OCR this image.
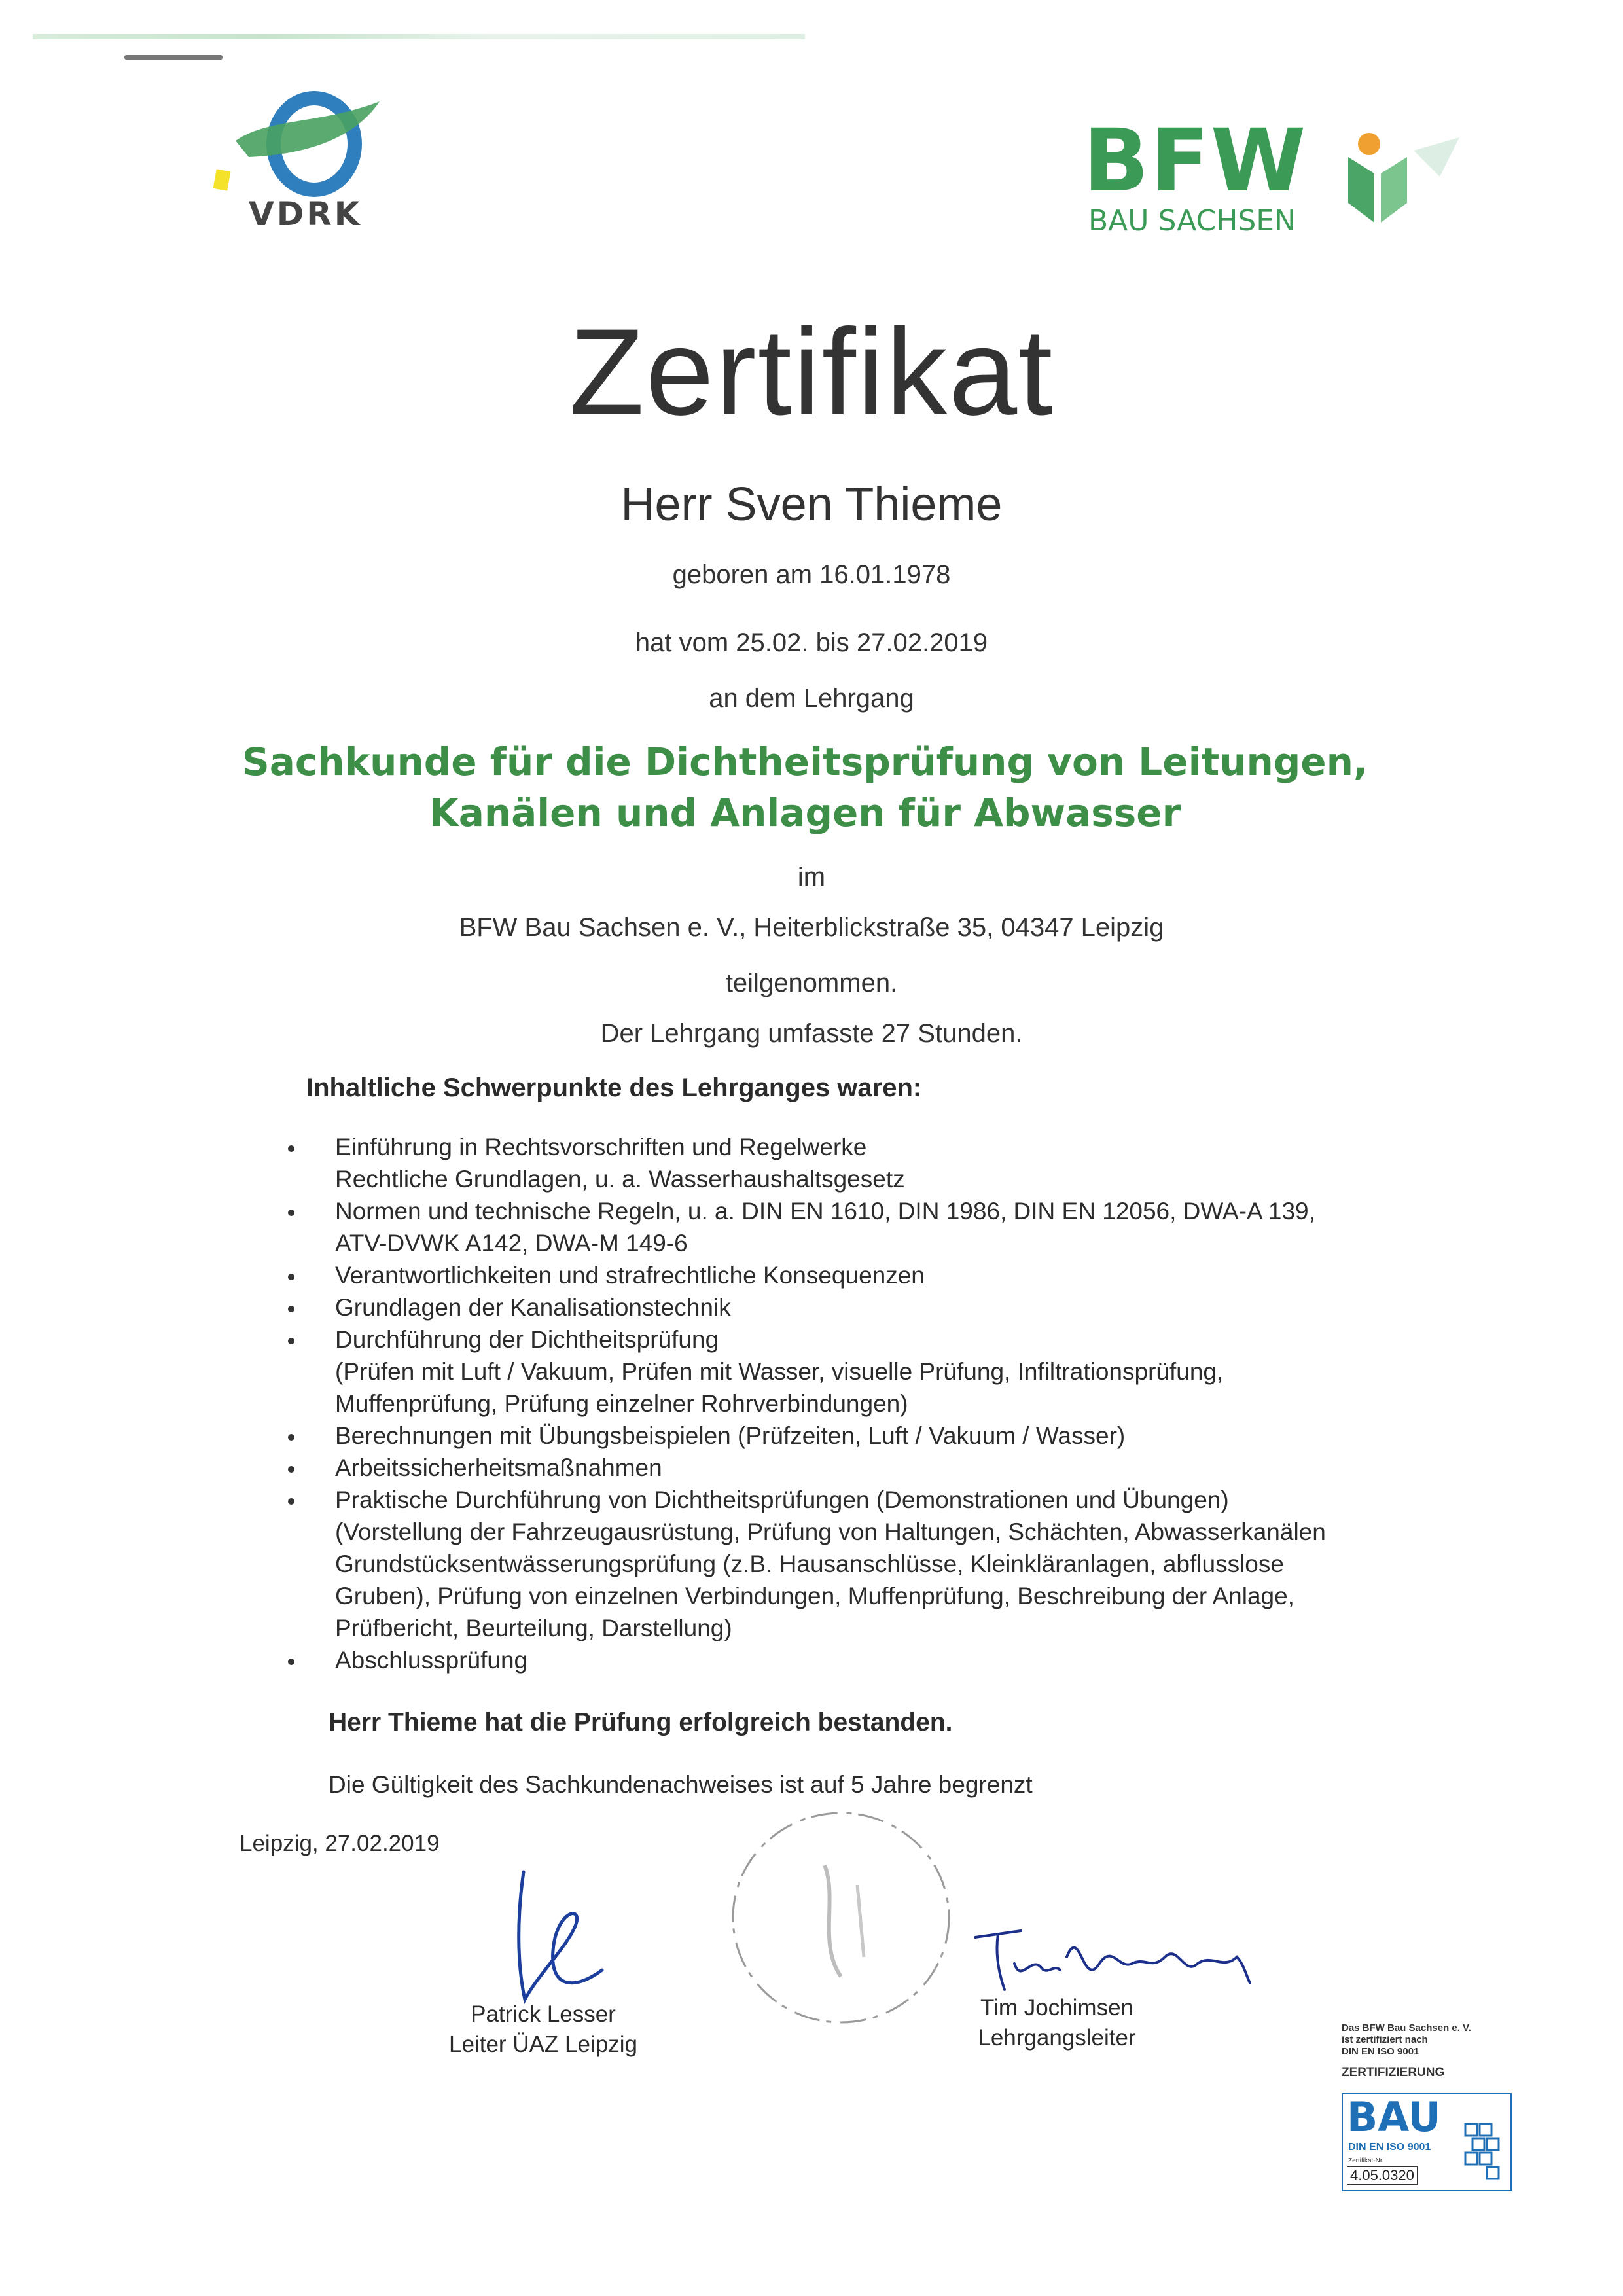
VDRK
BFW
BAU SACHSEN
Zertifikat
Herr Sven Thieme
geboren am 16.01.1978
hat vom 25.02. bis 27.02.2019
an dem Lehrgang
Sachkunde für die Dichtheitsprüfung von Leitungen,
Kanälen und Anlagen für Abwasser
im
BFW Bau Sachsen e. V., Heiterblickstraße 35, 04347 Leipzig
teilgenommen.
Der Lehrgang umfasste 27 Stunden.
Inhaltliche Schwerpunkte des Lehrganges waren:
Einführung in Rechtsvorschriften und Regelwerke
Rechtliche Grundlagen, u. a. Wasserhaushaltsgesetz
Normen und technische Regeln, u. a. DIN EN 1610, DIN 1986, DIN EN 12056, DWA-A 139,
ATV-DVWK A142, DWA-M 149-6
Verantwortlichkeiten und strafrechtliche Konsequenzen
Grundlagen der Kanalisationstechnik
Durchführung der Dichtheitsprüfung
(Prüfen mit Luft / Vakuum, Prüfen mit Wasser, visuelle Prüfung, Infiltrationsprüfung,
Muffenprüfung, Prüfung einzelner Rohrverbindungen)
Berechnungen mit Übungsbeispielen (Prüfzeiten, Luft / Vakuum / Wasser)
Arbeitssicherheitsmaßnahmen
Praktische Durchführung von Dichtheitsprüfungen (Demonstrationen und Übungen)
(Vorstellung der Fahrzeugausrüstung, Prüfung von Haltungen, Schächten, Abwasserkanälen
Grundstücksentwässerungsprüfung (z.B. Hausanschlüsse, Kleinkläranlagen, abflusslose
Gruben), Prüfung von einzelnen Verbindungen, Muffenprüfung, Beschreibung der Anlage,
Prüfbericht, Beurteilung, Darstellung)
Abschlussprüfung
Herr Thieme hat die Prüfung erfolgreich bestanden.
Die Gültigkeit des Sachkundenachweises ist auf 5 Jahre begrenzt
Leipzig, 27.02.2019
Patrick Lesser
Leiter ÜAZ Leipzig
Tim Jochimsen
Lehrgangsleiter	Das BFW Bau Sachsen e. V.
ist zertifiziert nach
DIN EN ISO 9001
ZERTIFIZIERUNG
BAU
DIN EN ISO 9001
Zertifikat-Nr.
4.05.0320
